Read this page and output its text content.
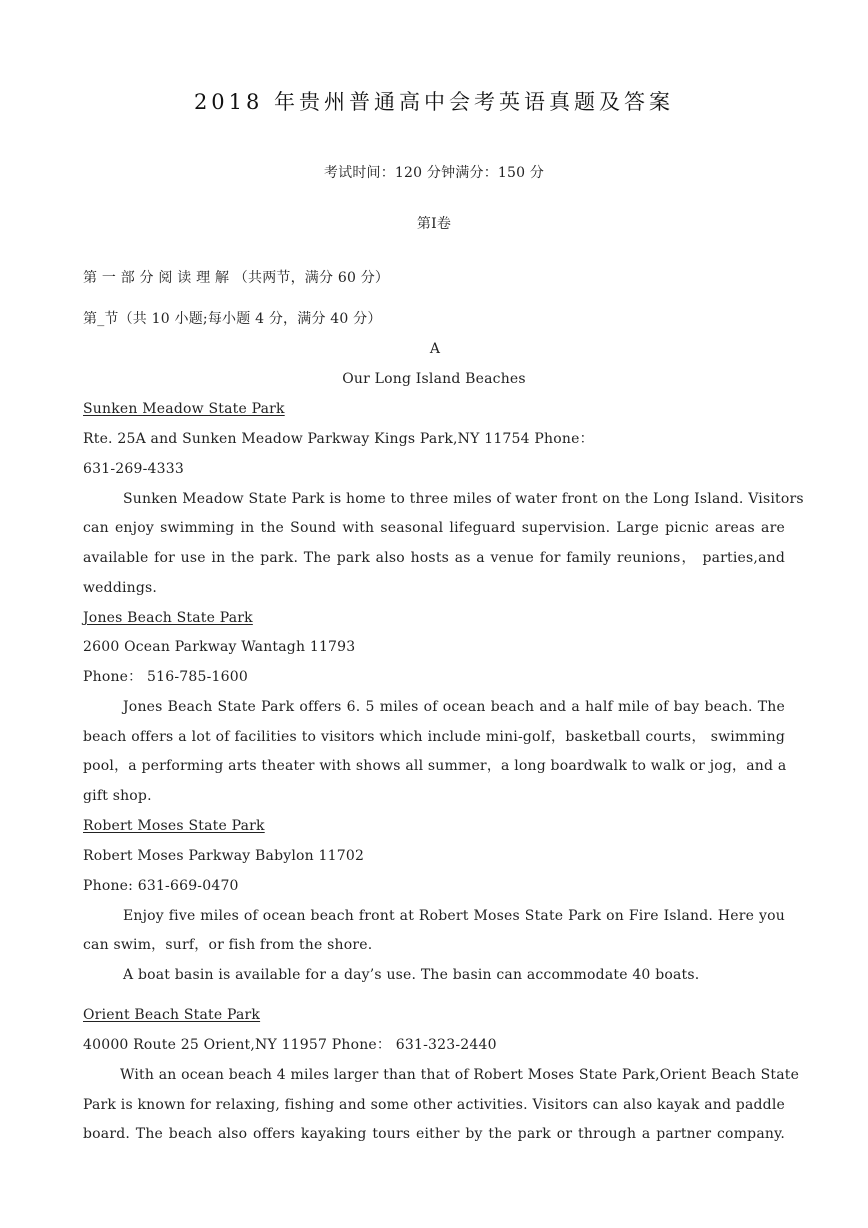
2018 年贵州普通高中会考英语真题及答案
考试时间：120 分钟满分：150 分
第Ⅰ卷
第 一 部 分 阅 读 理 解 （共两节，满分 60 分）
第_节（共 10 小题;每小题 4 分，满分 40 分）
A
Our Long Island Beaches
Sunken Meadow State Park
Rte. 25A and Sunken Meadow Parkway Kings Park,NY 11754 Phone：
631-269-4333
Sunken Meadow State Park is home to three miles of water front on the Long Island. Visitors
can enjoy swimming in the Sound with seasonal lifeguard supervision. Large picnic areas are
available for use in the park. The park also hosts as a venue for family reunions， parties,and
weddings.
Jones Beach State Park
2600 Ocean Parkway Wantagh 11793
Phone： 516-785-1600
Jones Beach State Park offers 6. 5 miles of ocean beach and a half mile of bay beach. The
beach offers a lot of facilities to visitors which include mini-golf，basketball courts， swimming
pool，a performing arts theater with shows all summer，a long boardwalk to walk or jog，and a
gift shop.
Robert Moses State Park
Robert Moses Parkway Babylon 11702
Phone: 631-669-0470
Enjoy five miles of ocean beach front at Robert Moses State Park on Fire Island. Here you
can swim，surf，or fish from the shore.
A boat basin is available for a day’s use. The basin can accommodate 40 boats.
Orient Beach State Park
40000 Route 25 Orient,NY 11957 Phone： 631-323-2440
With an ocean beach 4 miles larger than that of Robert Moses State Park,Orient Beach State
Park is known for relaxing, fishing and some other activities. Visitors can also kayak and paddle
board. The beach also offers kayaking tours either by the park or through a partner company.
